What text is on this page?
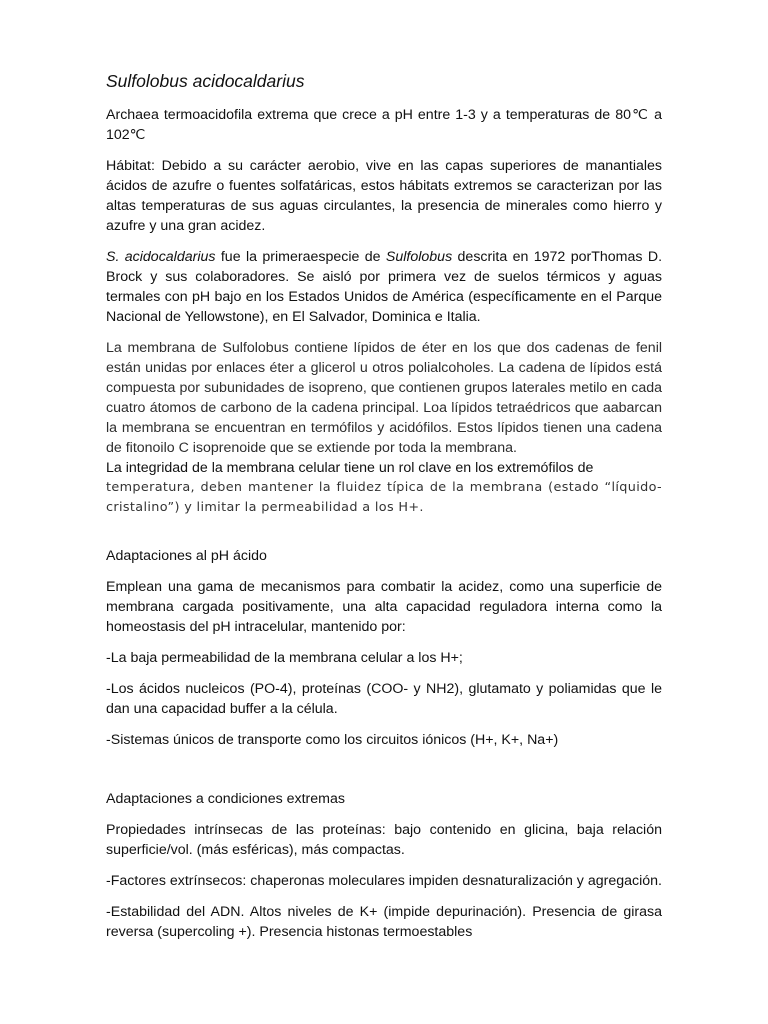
Sulfolobus acidocaldarius

Archaea termoacidofila extrema que crece a pH entre 1-3 y a temperaturas de 80℃ a 102℃

Hábitat: Debido a su carácter aerobio, vive en las capas superiores de manantiales ácidos de azufre o fuentes solfatáricas, estos hábitats extremos se caracterizan por las altas temperaturas de sus aguas circulantes, la presencia de minerales como hierro y azufre y una gran acidez.

S. acidocaldarius fue la primeraespecie de Sulfolobus descrita en 1972 porThomas D. Brock y sus colaboradores. Se aisló por primera vez de suelos térmicos y aguas termales con pH bajo en los Estados Unidos de América (específicamente en el Parque Nacional de Yellowstone), en El Salvador, Dominica e Italia.

La membrana de Sulfolobus contiene lípidos de éter en los que dos cadenas de fenil están unidas por enlaces éter a glicerol u otros polialcoholes. La cadena de lípidos está compuesta por subunidades de isopreno, que contienen grupos laterales metilo en cada cuatro átomos de carbono de la cadena principal. Loa lípidos tetraédricos que aabarcan la membrana se encuentran en termófilos y acidófilos. Estos lípidos tienen una cadena de fitonoilo C isoprenoide que se extiende por toda la membrana.

La integridad de la membrana celular tiene un rol clave en los extremófilos de

temperatura, deben mantener la fluidez típica de la membrana (estado “líquido-cristalino”) y limitar la permeabilidad a los H+.

Adaptaciones al pH ácido

Emplean una gama de mecanismos para combatir la acidez, como una superficie de membrana cargada positivamente, una alta capacidad reguladora interna como la homeostasis del pH intracelular, mantenido por:

-La baja permeabilidad de la membrana celular a los H+;

-Los ácidos nucleicos (PO-4), proteínas (COO- y NH2), glutamato y poliamidas que le dan una capacidad buffer a la célula.

-Sistemas únicos de transporte como los circuitos iónicos (H+, K+, Na+)

Adaptaciones a condiciones extremas

Propiedades intrínsecas de las proteínas: bajo contenido en glicina, baja relación superficie/vol. (más esféricas), más compactas.

-Factores extrínsecos: chaperonas moleculares impiden desnaturalización y agregación.

-Estabilidad del ADN. Altos niveles de K+ (impide depurinación). Presencia de girasa reversa (supercoling +). Presencia histonas termoestables
